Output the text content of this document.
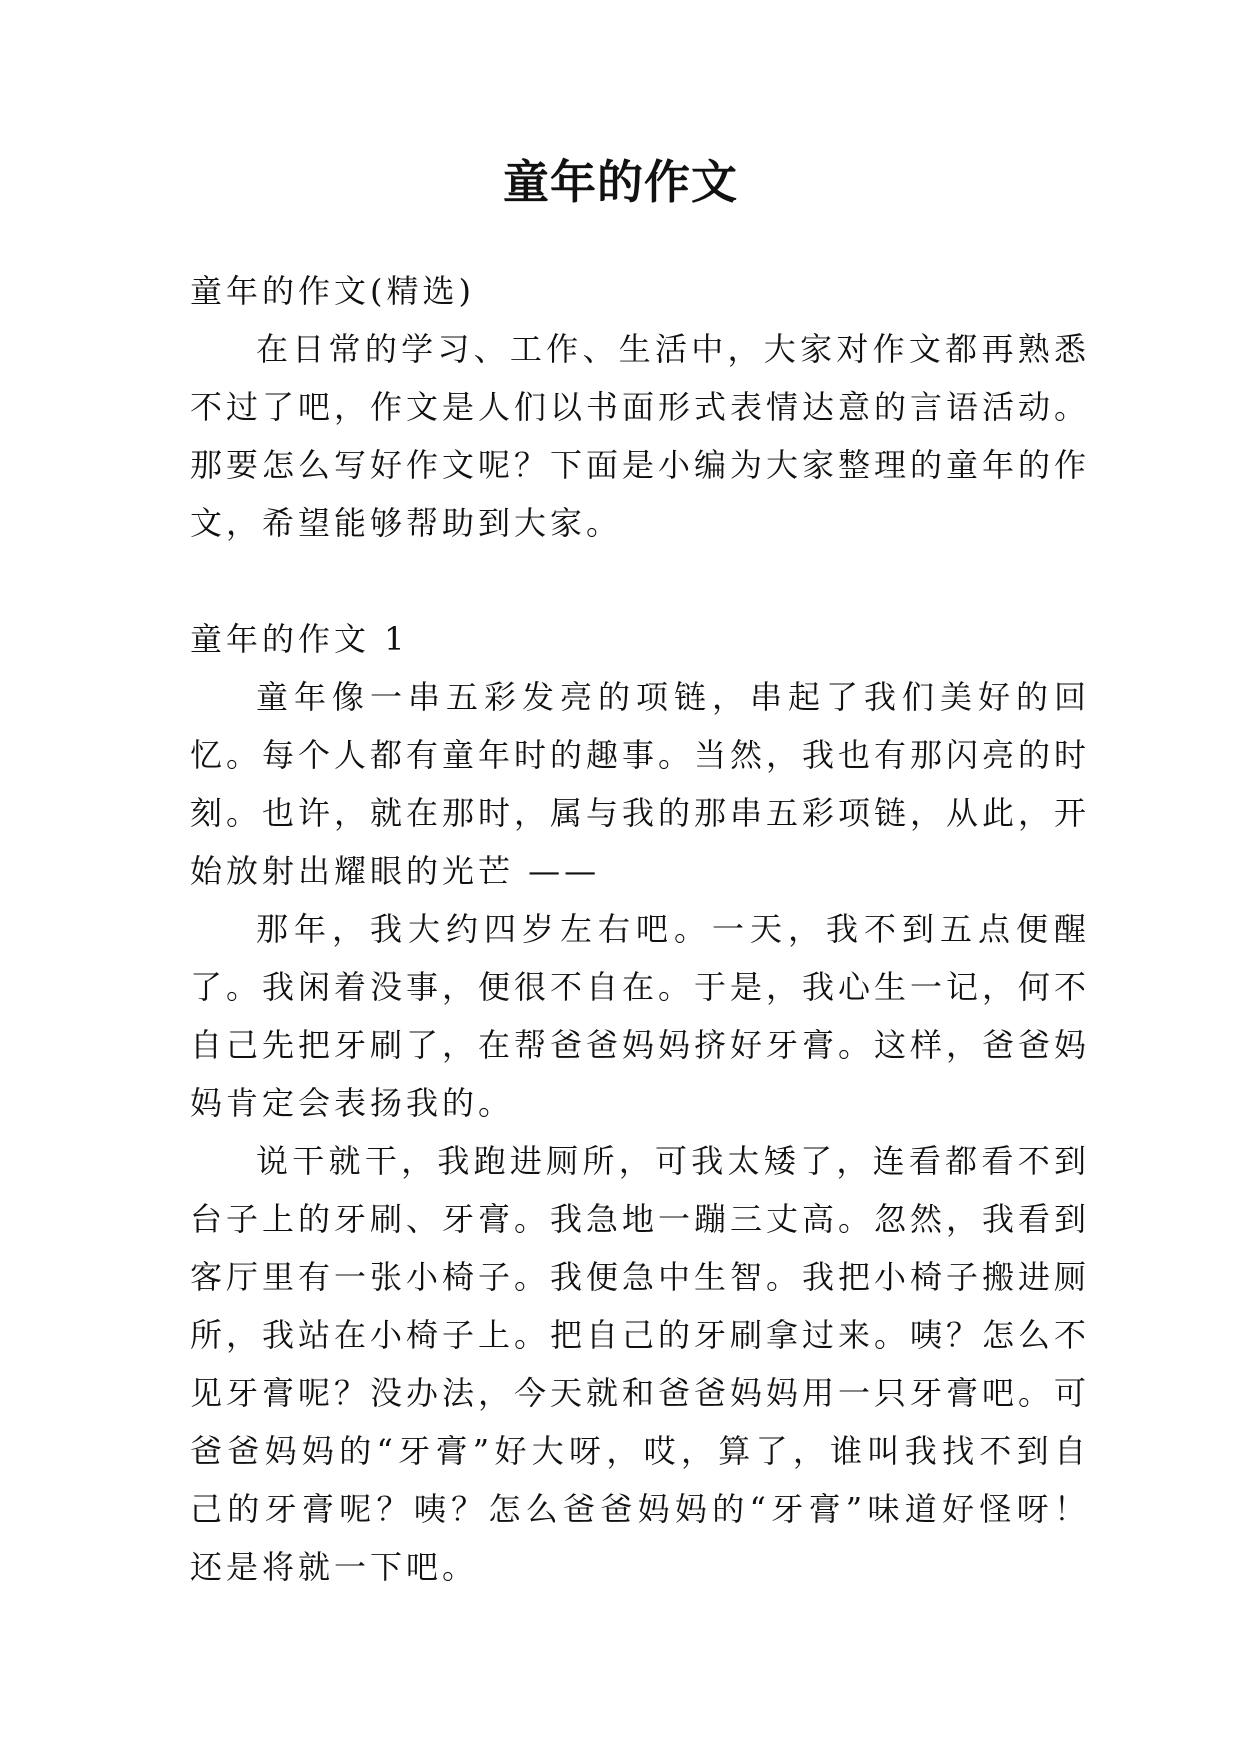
童年的作文
童年的作文(精选)

在日常的学习、工作、生活中，大家对作文都再熟悉不过了吧，作文是人们以书面形式表情达意的言语活动。那要怎么写好作文呢？下面是小编为大家整理的童年的作文，希望能够帮助到大家。

童年的作文 1

童年像一串五彩发亮的项链，串起了我们美好的回忆。每个人都有童年时的趣事。当然，我也有那闪亮的时刻。也许，就在那时，属与我的那串五彩项链，从此，开始放射出耀眼的光芒 ——

那年，我大约四岁左右吧。一天，我不到五点便醒了。我闲着没事，便很不自在。于是，我心生一记，何不自己先把牙刷了，在帮爸爸妈妈挤好牙膏。这样，爸爸妈妈肯定会表扬我的。

说干就干，我跑进厕所，可我太矮了，连看都看不到台子上的牙刷、牙膏。我急地一蹦三丈高。忽然，我看到客厅里有一张小椅子。我便急中生智。我把小椅子搬进厕所，我站在小椅子上。把自己的牙刷拿过来。咦？怎么不见牙膏呢？没办法，今天就和爸爸妈妈用一只牙膏吧。可爸爸妈妈的“牙膏”好大呀，哎，算了，谁叫我找不到自己的牙膏呢？咦？怎么爸爸妈妈的“牙膏”味道好怪呀！还是将就一下吧。
